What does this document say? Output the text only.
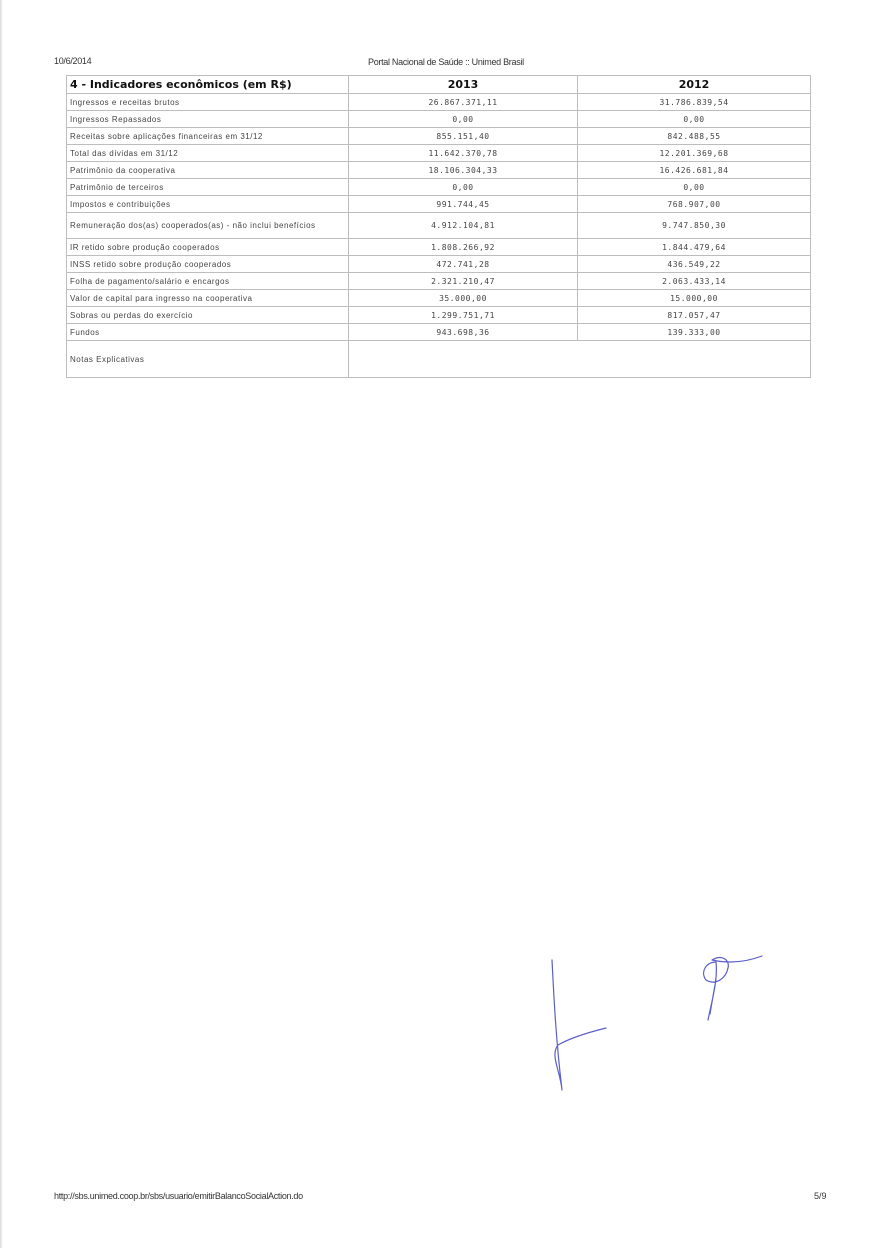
10/6/2014	Portal Nacional de Saúde :: Unimed Brasil
4 - Indicadores econômicos (em R$)	2013	2012
Ingressos e receitas brutos	26.867.371,11	31.786.839,54
Ingressos Repassados	0,00	0,00
Receitas sobre aplicações financeiras em 31/12	855.151,40	842.488,55
Total das dívidas em 31/12	11.642.370,78	12.201.369,68
Patrimônio da cooperativa	18.106.304,33	16.426.681,84
Patrimônio de terceiros	0,00	0,00
Impostos e contribuições	991.744,45	768.907,00
Remuneração dos(as) cooperados(as) - não inclui benefícios	4.912.104,81	9.747.850,30
IR retido sobre produção cooperados	1.808.266,92	1.844.479,64
INSS retido sobre produção cooperados	472.741,28	436.549,22
Folha de pagamento/salário e encargos	2.321.210,47	2.063.433,14
Valor de capital para ingresso na cooperativa	35.000,00	15.000,00
Sobras ou perdas do exercício	1.299.751,71	817.057,47
Fundos	943.698,36	139.333,00
Notas Explicativas		
http://sbs.unimed.coop.br/sbs/usuario/emitirBalancoSocialAction.do	5/9
